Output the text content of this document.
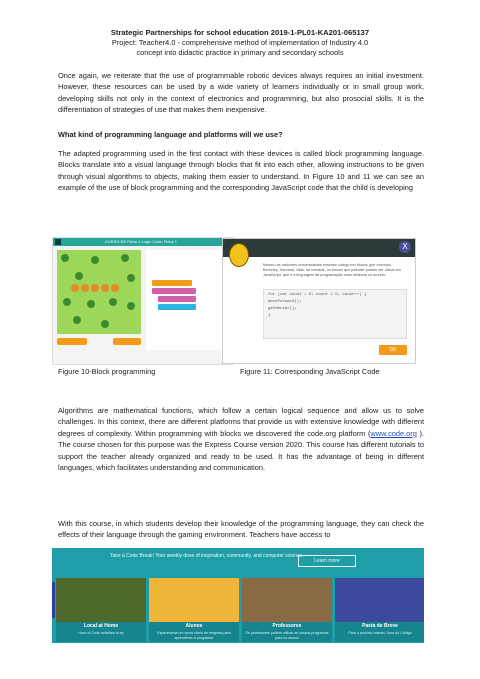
Strategic Partnerships for school education 2019-1-PL01-KA201-065137
Project: Teacher4.0 - comprehensive method of implementation of Industry 4.0
concept into didactic practice in primary and secondary schools
Once again, we reiterate that the use of programmable robotic devices always requires an initial investment. However, these resources can be used by a wide variety of learners individually or in small group work, developing skills not only in the context of electronics and programming, but also prosocial skills. It is the differentiation of strategies of use that makes them inexpensive.
What kind of programming language and platforms will we use?
The adapted programming used in the first contact with these devices is called block programming language. Blocks translate into a visual language through blocks that fit into each other, allowing instructions to be given through visual algorithms to objects, making them easier to understand. In Figure 10 and 11 we can see an example of the use of block programming and the corresponding JavaScript code that the child is developing
CURSO DE Ficha 1 Logic Code: Ficha 1
X
Mesmo as melhores universidades ensinam código em blocos (por exemplo, Berkeley, Harvard). Mas, na verdade, os blocos que juntaste podem ser vistos em JavaScript, que é a linguagem de programação mais utilizada no mundo:
for (var count = 0; count < 5; count++) {
moveForward();
getNectar();
}
OK
Figure 10-Block programming	Figure 11: Corresponding JavaScript Code
Algorithms are mathematical functions, which follow a certain logical sequence and allow us to solve challenges. In this context, there are different platforms that provide us with extensive knowledge with different degrees of complexity. Within programming with blocks we discovered the code.org platform (www.code.org ). The course chosen for this purpose was the Express Course version 2020. This course has different tutorials to support the teacher already organized and ready to be used. It has the advantage of being in different languages, which facilitates understanding and communication.
With this course, in which students develop their knowledge of the programming language, they can check the effects of their language through the gaming environment. Teachers have access to
Take a Code Break! Your weekly dose of inspiration, community, and computer science.
Learn more
Local at Home
Hour of Code activities to try
Alunos
Experimenta um curso cheio de enigmas para aprenderes a programar
Professores
Os professores podem utilizar os nossos programas para os alunos
Pasta de Breve
Para o próximo evento, Hora do Código
